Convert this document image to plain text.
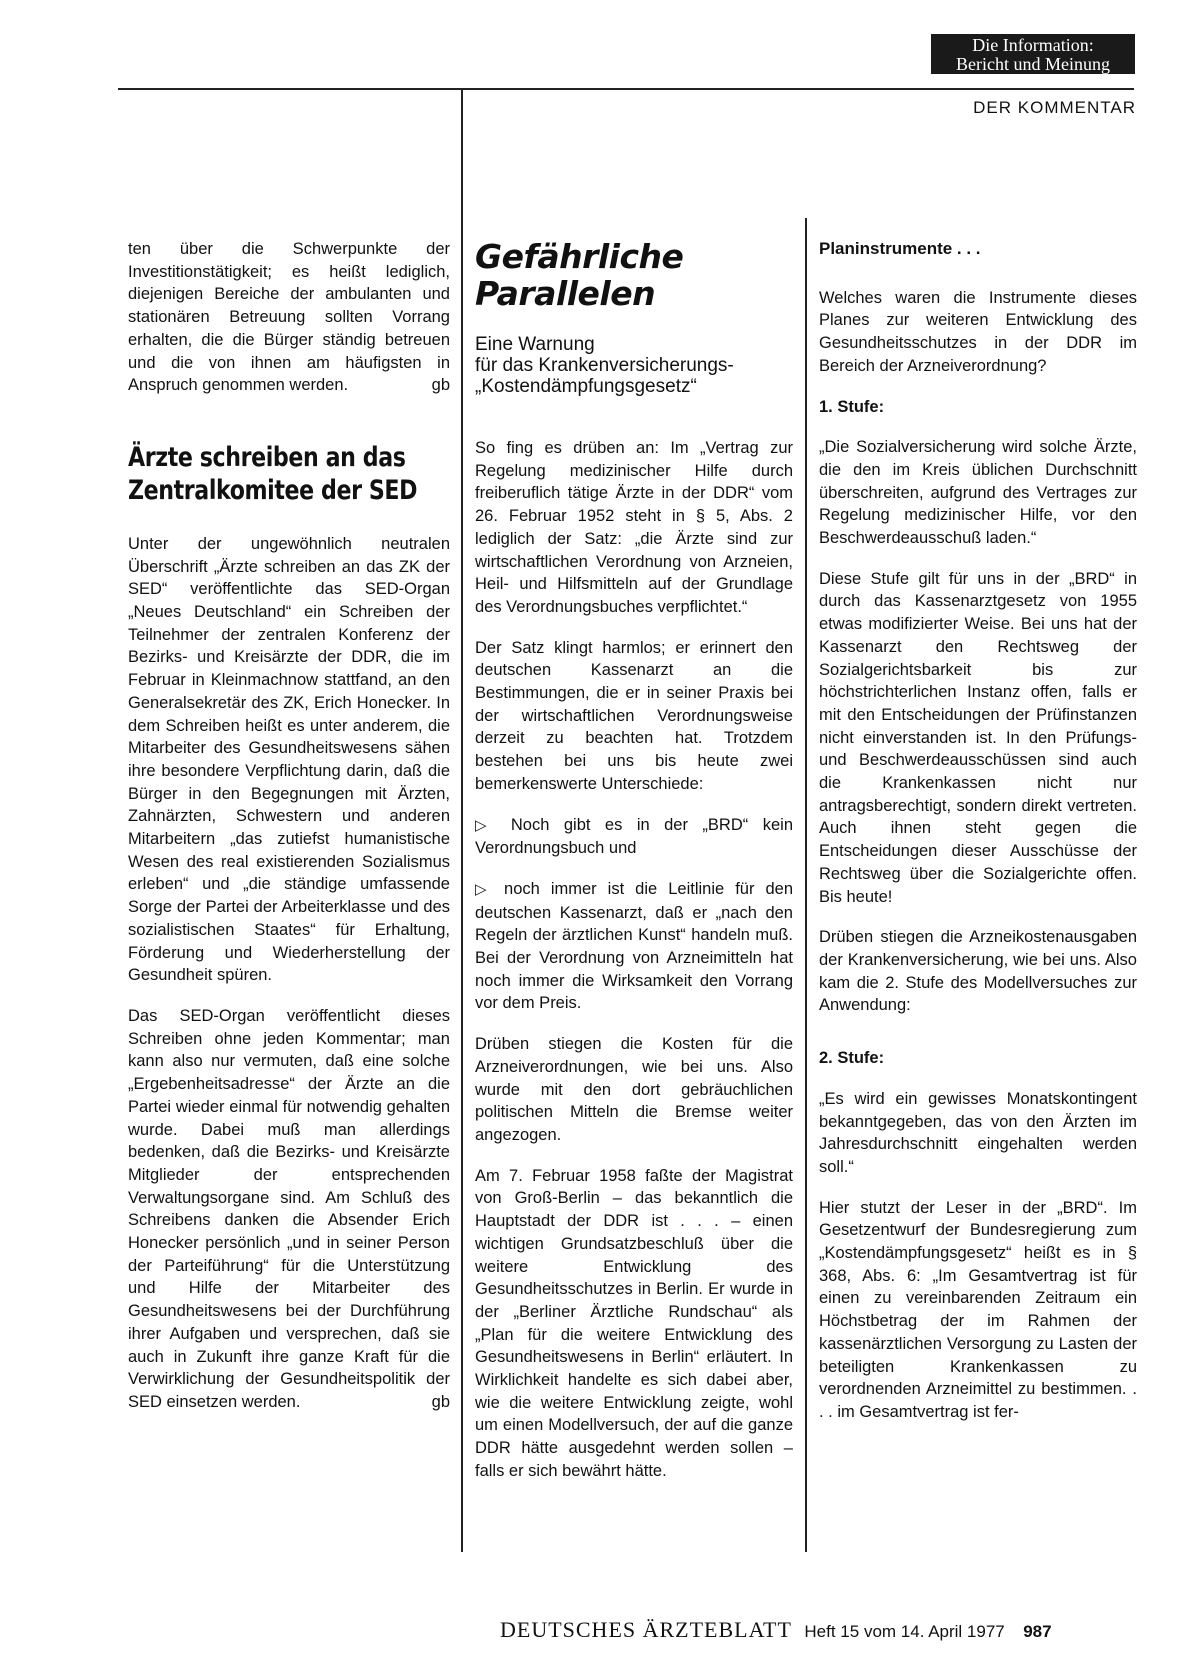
Die Information:
Bericht und Meinung
DER KOMMENTAR

ten über die Schwerpunkte der Investitionstätigkeit; es heißt lediglich, diejenigen Bereiche der ambulanten und stationären Betreuung sollten Vorrang erhalten, die die Bürger ständig betreuen und die von ihnen am häufigsten in Anspruch genommen werden.	gb

Ärzte schreiben an das Zentralkomitee der SED

Unter der ungewöhnlich neutralen Überschrift „Ärzte schreiben an das ZK der SED“ veröffentlichte das SED-Organ „Neues Deutschland“ ein Schreiben der Teilnehmer der zentralen Konferenz der Bezirks- und Kreisärzte der DDR, die im Februar in Kleinmachnow stattfand, an den Generalsekretär des ZK, Erich Honecker. In dem Schreiben heißt es unter anderem, die Mitarbeiter des Gesundheitswesens sähen ihre besondere Verpflichtung darin, daß die Bürger in den Begegnungen mit Ärzten, Zahnärzten, Schwestern und anderen Mitarbeitern „das zutiefst humanistische Wesen des real existierenden Sozialismus erleben“ und „die ständige umfassende Sorge der Partei der Arbeiterklasse und des sozialistischen Staates“ für Erhaltung, Förderung und Wiederherstellung der Gesundheit spüren.

Das SED-Organ veröffentlicht dieses Schreiben ohne jeden Kommentar; man kann also nur vermuten, daß eine solche „Ergebenheitsadresse“ der Ärzte an die Partei wieder einmal für notwendig gehalten wurde. Dabei muß man allerdings bedenken, daß die Bezirks- und Kreisärzte Mitglieder der entsprechenden Verwaltungsorgane sind. Am Schluß des Schreibens danken die Absender Erich Honecker persönlich „und in seiner Person der Parteiführung“ für die Unterstützung und Hilfe der Mitarbeiter des Gesundheitswesens bei der Durchführung ihrer Aufgaben und versprechen, daß sie auch in Zukunft ihre ganze Kraft für die Verwirklichung der Gesundheitspolitik der SED einsetzen werden.	gb

Gefährliche Parallelen
Eine Warnung
für das Krankenversicherungs-
„Kostendämpfungsgesetz“

So fing es drüben an: Im „Vertrag zur Regelung medizinischer Hilfe durch freiberuflich tätige Ärzte in der DDR“ vom 26. Februar 1952 steht in § 5, Abs. 2 lediglich der Satz: „die Ärzte sind zur wirtschaftlichen Verordnung von Arzneien, Heil- und Hilfsmitteln auf der Grundlage des Verordnungsbuches verpflichtet.“

Der Satz klingt harmlos; er erinnert den deutschen Kassenarzt an die Bestimmungen, die er in seiner Praxis bei der wirtschaftlichen Verordnungsweise derzeit zu beachten hat. Trotzdem bestehen bei uns bis heute zwei bemerkenswerte Unterschiede:

▷ Noch gibt es in der „BRD“ kein Verordnungsbuch und

▷ noch immer ist die Leitlinie für den deutschen Kassenarzt, daß er „nach den Regeln der ärztlichen Kunst“ handeln muß. Bei der Verordnung von Arzneimitteln hat noch immer die Wirksamkeit den Vorrang vor dem Preis.

Drüben stiegen die Kosten für die Arzneiverordnungen, wie bei uns. Also wurde mit den dort gebräuchlichen politischen Mitteln die Bremse weiter angezogen.

Am 7. Februar 1958 faßte der Magistrat von Groß-Berlin – das bekanntlich die Hauptstadt der DDR ist . . . – einen wichtigen Grundsatzbeschluß über die weitere Entwicklung des Gesundheitsschutzes in Berlin. Er wurde in der „Berliner Ärztliche Rundschau“ als „Plan für die weitere Entwicklung des Gesundheitswesens in Berlin“ erläutert. In Wirklichkeit handelte es sich dabei aber, wie die weitere Entwicklung zeigte, wohl um einen Modellversuch, der auf die ganze DDR hätte ausgedehnt werden sollen – falls er sich bewährt hätte.

Planinstrumente . . .

Welches waren die Instrumente dieses Planes zur weiteren Entwicklung des Gesundheitsschutzes in der DDR im Bereich der Arzneiverordnung?

1. Stufe:

„Die Sozialversicherung wird solche Ärzte, die den im Kreis üblichen Durchschnitt überschreiten, aufgrund des Vertrages zur Regelung medizinischer Hilfe, vor den Beschwerdeausschuß laden.“

Diese Stufe gilt für uns in der „BRD“ in durch das Kassenarztgesetz von 1955 etwas modifizierter Weise. Bei uns hat der Kassenarzt den Rechtsweg der Sozialgerichtsbarkeit bis zur höchstrichterlichen Instanz offen, falls er mit den Entscheidungen der Prüfinstanzen nicht einverstanden ist. In den Prüfungs- und Beschwerdeausschüssen sind auch die Krankenkassen nicht nur antragsberechtigt, sondern direkt vertreten. Auch ihnen steht gegen die Entscheidungen dieser Ausschüsse der Rechtsweg über die Sozialgerichte offen. Bis heute!

Drüben stiegen die Arzneikostenausgaben der Krankenversicherung, wie bei uns. Also kam die 2. Stufe des Modellversuches zur Anwendung:

2. Stufe:

„Es wird ein gewisses Monatskontingent bekanntgegeben, das von den Ärzten im Jahresdurchschnitt eingehalten werden soll.“

Hier stutzt der Leser in der „BRD“. Im Gesetzentwurf der Bundesregierung zum „Kostendämpfungsgesetz“ heißt es in § 368, Abs. 6: „Im Gesamtvertrag ist für einen zu vereinbarenden Zeitraum ein Höchstbetrag der im Rahmen der kassenärztlichen Versorgung zu Lasten der beteiligten Krankenkassen zu verordnenden Arzneimittel zu bestimmen. . . . im Gesamtvertrag ist fer-

DEUTSCHES ÄRZTEBLATT Heft 15 vom 14. April 1977 987
